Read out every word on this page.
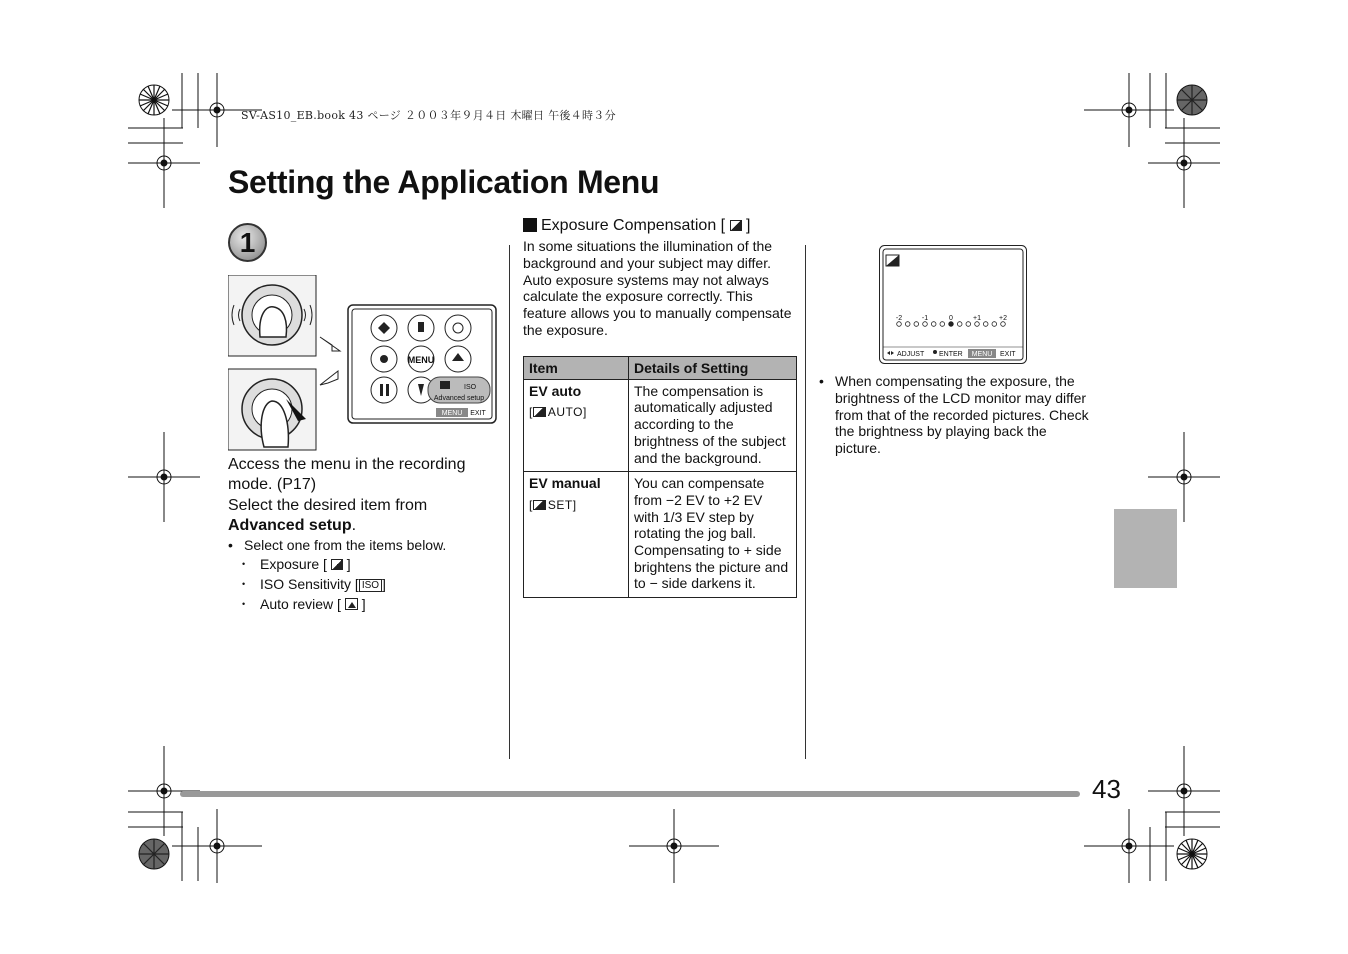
SV-AS10_EB.book 43 ページ ２００３年９月４日 木曜日 午後４時３分
Setting the Application Menu
1
MENU
ISO
Advanced setup
MENU EXIT
Access the menu in the recording mode. (P17)
Select the desired item from
Advanced setup.
• Select one from the items below.
• Exposure [  ]
• ISO Sensitivity [ ISO ]
• Auto review [  ]
Exposure Compensation [  ]
In some situations the illumination of the background and your subject may differ. Auto exposure systems may not always calculate the exposure correctly. This feature allows you to manually compensate the exposure.
Item	Details of Setting

EV auto
[ AUTO]	The compensation is automatically adjusted according to the brightness of the subject and the background.

EV manual
[ SET]	You can compensate from −2 EV to +2 EV with 1/3 EV step by rotating the jog ball. Compensating to + side brightens the picture and to − side darkens it.
-2	-1	0	+1	+2
ADJUST ENTER MENU EXIT
• When compensating the exposure, the brightness of the LCD monitor may differ from that of the recorded pictures. Check the brightness by playing back the picture.
43
